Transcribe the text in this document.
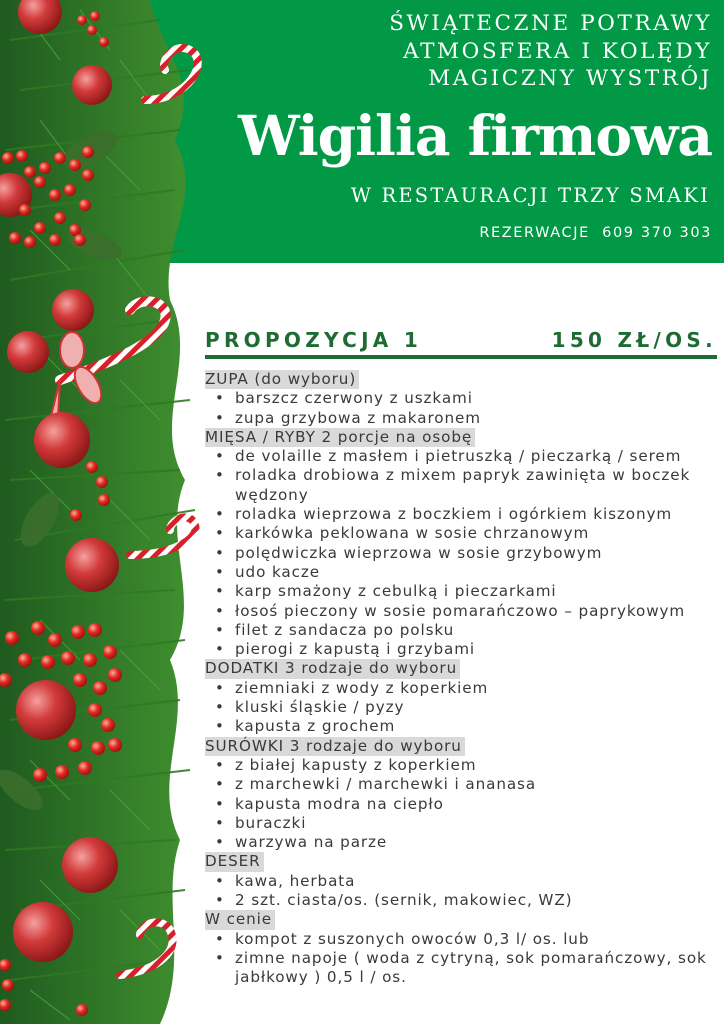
ŚWIĄTECZNE POTRAWY
ATMOSFERA I KOLĘDY
MAGICZNY WYSTRÓJ
Wigilia firmowa
W RESTAURACJI TRZY SMAKI
REZERWACJE 609 370 303
PROPOZYCJA 1	150 ZŁ/OS.
ZUPA (do wyboru)
• barszcz czerwony z uszkami
• zupa grzybowa z makaronem
MIĘSA / RYBY 2 porcje na osobę
• de volaille z masłem i pietruszką / pieczarką / serem
• roladka drobiowa z mixem papryk zawinięta w boczek wędzony
• roladka wieprzowa z boczkiem i ogórkiem kiszonym
• karkówka peklowana w sosie chrzanowym
• polędwiczka wieprzowa w sosie grzybowym
• udo kacze
• karp smażony z cebulką i pieczarkami
• łosoś pieczony w sosie pomarańczowo – paprykowym
• filet z sandacza po polsku
• pierogi z kapustą i grzybami
DODATKI 3 rodzaje do wyboru
• ziemniaki z wody z koperkiem
• kluski śląskie / pyzy
• kapusta z grochem
SURÓWKI 3 rodzaje do wyboru
• z białej kapusty z koperkiem
• z marchewki / marchewki i ananasa
• kapusta modra na ciepło
• buraczki
• warzywa na parze
DESER
• kawa, herbata
• 2 szt. ciasta/os. (sernik, makowiec, WZ)
W cenie
• kompot z suszonych owoców 0,3 l/ os. lub
• zimne napoje ( woda z cytryną, sok pomarańczowy, sok jabłkowy ) 0,5 l / os.
